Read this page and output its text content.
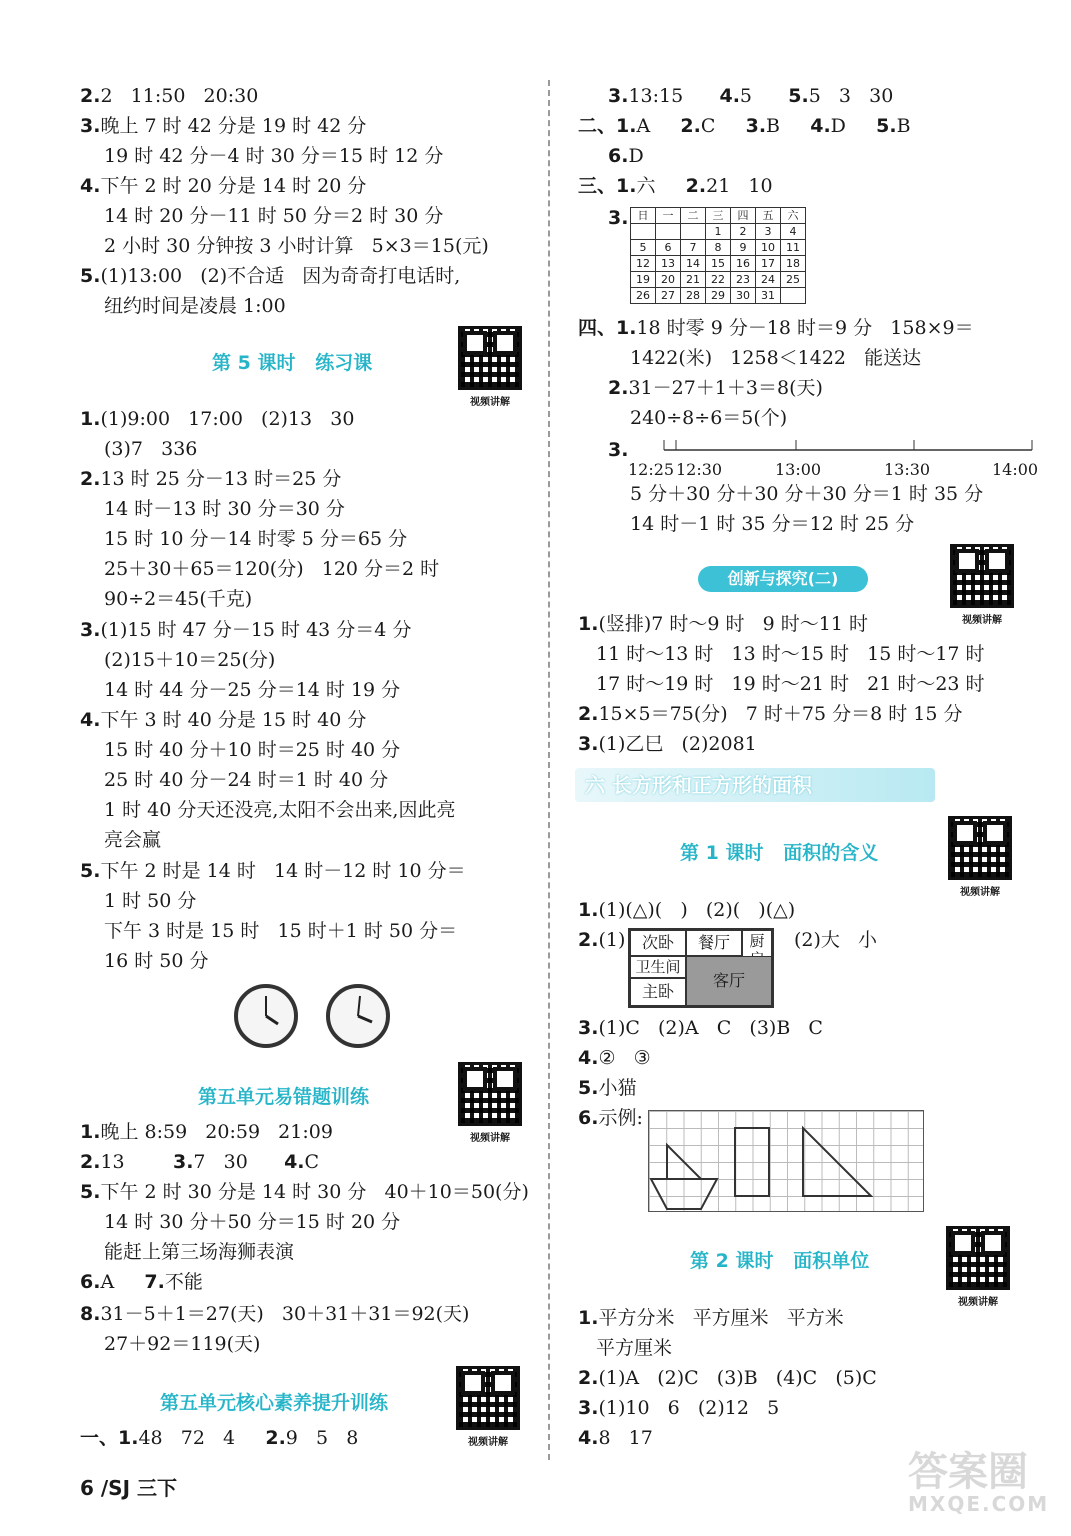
2.2   11:50   20:30
3.晚上 7 时 42 分是 19 时 42 分
19 时 42 分－4 时 30 分＝15 时 12 分
4.下午 2 时 20 分是 14 时 20 分
14 时 20 分－11 时 50 分＝2 时 30 分
2 小时 30 分钟按 3 小时计算   5×3＝15(元)
5.(1)13:00   (2)不合适   因为奇奇打电话时,
纽约时间是凌晨 1:00
第 5 课时   练习课
视频讲解
1.(1)9:00   17:00   (2)13   30
(3)7   336
2.13 时 25 分－13 时＝25 分
14 时－13 时 30 分＝30 分
15 时 10 分－14 时零 5 分＝65 分
25＋30＋65＝120(分)   120 分＝2 时
90÷2＝45(千克)
3.(1)15 时 47 分－15 时 43 分＝4 分
(2)15＋10＝25(分)
14 时 44 分－25 分＝14 时 19 分
4.下午 3 时 40 分是 15 时 40 分
15 时 40 分＋10 时＝25 时 40 分
25 时 40 分－24 时＝1 时 40 分
1 时 40 分天还没亮,太阳不会出来,因此亮
亮会赢
5.下午 2 时是 14 时   14 时－12 时 10 分＝
1 时 50 分
下午 3 时是 15 时   15 时＋1 时 50 分＝
16 时 50 分
第五单元易错题训练
视频讲解
1.晚上 8:59   20:59   21:09
2.13	3.7   30 4.C
5.下午 2 时 30 分是 14 时 30 分   40＋10＝50(分)
14 时 30 分＋50 分＝15 时 20 分
能赶上第三场海狮表演
6.A 7.不能
8.31－5＋1＝27(天)   30＋31＋31＝92(天)
27＋92＝119(天)
第五单元核心素养提升训练
视频讲解
一、1.48   72   4 2.9   5   8
6 /SJ 三下
3.13:15 4.5 5.5   3   30
二、1.A 2.C 3.B 4.D 5.B
6.D
三、1.六 2.21   10
3. 日	一	二	三	四	五	六
			1	2	3	4
5	6	7	8	9	10	11
12	13	14	15	16	17	18
19	20	21	22	23	24	25
26	27	28	29	30	31	
四、1.18 时零 9 分－18 时＝9 分   158×9＝
1422(米)   1258＜1422   能送达
2.31－27＋1＋3＝8(天)
240÷8÷6＝5(个)
3.
12:25 12:30	13:00	13:30	14:00
5 分＋30 分＋30 分＋30 分＝1 时 35 分
14 时－1 时 35 分＝12 时 25 分
创新与探究(二)
视频讲解
1.(竖排)7 时～9 时   9 时～11 时
11 时～13 时   13 时～15 时   15 时～17 时
17 时～19 时   19 时～21 时   21 时～23 时
2.15×5＝75(分)   7 时＋75 分＝8 时 15 分
3.(1)乙巳   (2)2081
六 长方形和正方形的面积
第 1 课时   面积的含义
视频讲解
1.(1)(△)(   )   (2)(   )(△)
2.(1)	(2)大   小
次卧	餐厅	厨
卫生间
客厅
主卧
3.(1)C   (2)A   C   (3)B   C
4.②   ③
5.小猫
6.示例:
第 2 课时   面积单位
视频讲解
1.平方分米   平方厘米   平方米
平方厘米
2.(1)A   (2)C   (3)B   (4)C   (5)C
3.(1)10   6   (2)12   5
4.8   17
答案圈
MXQE.COM
